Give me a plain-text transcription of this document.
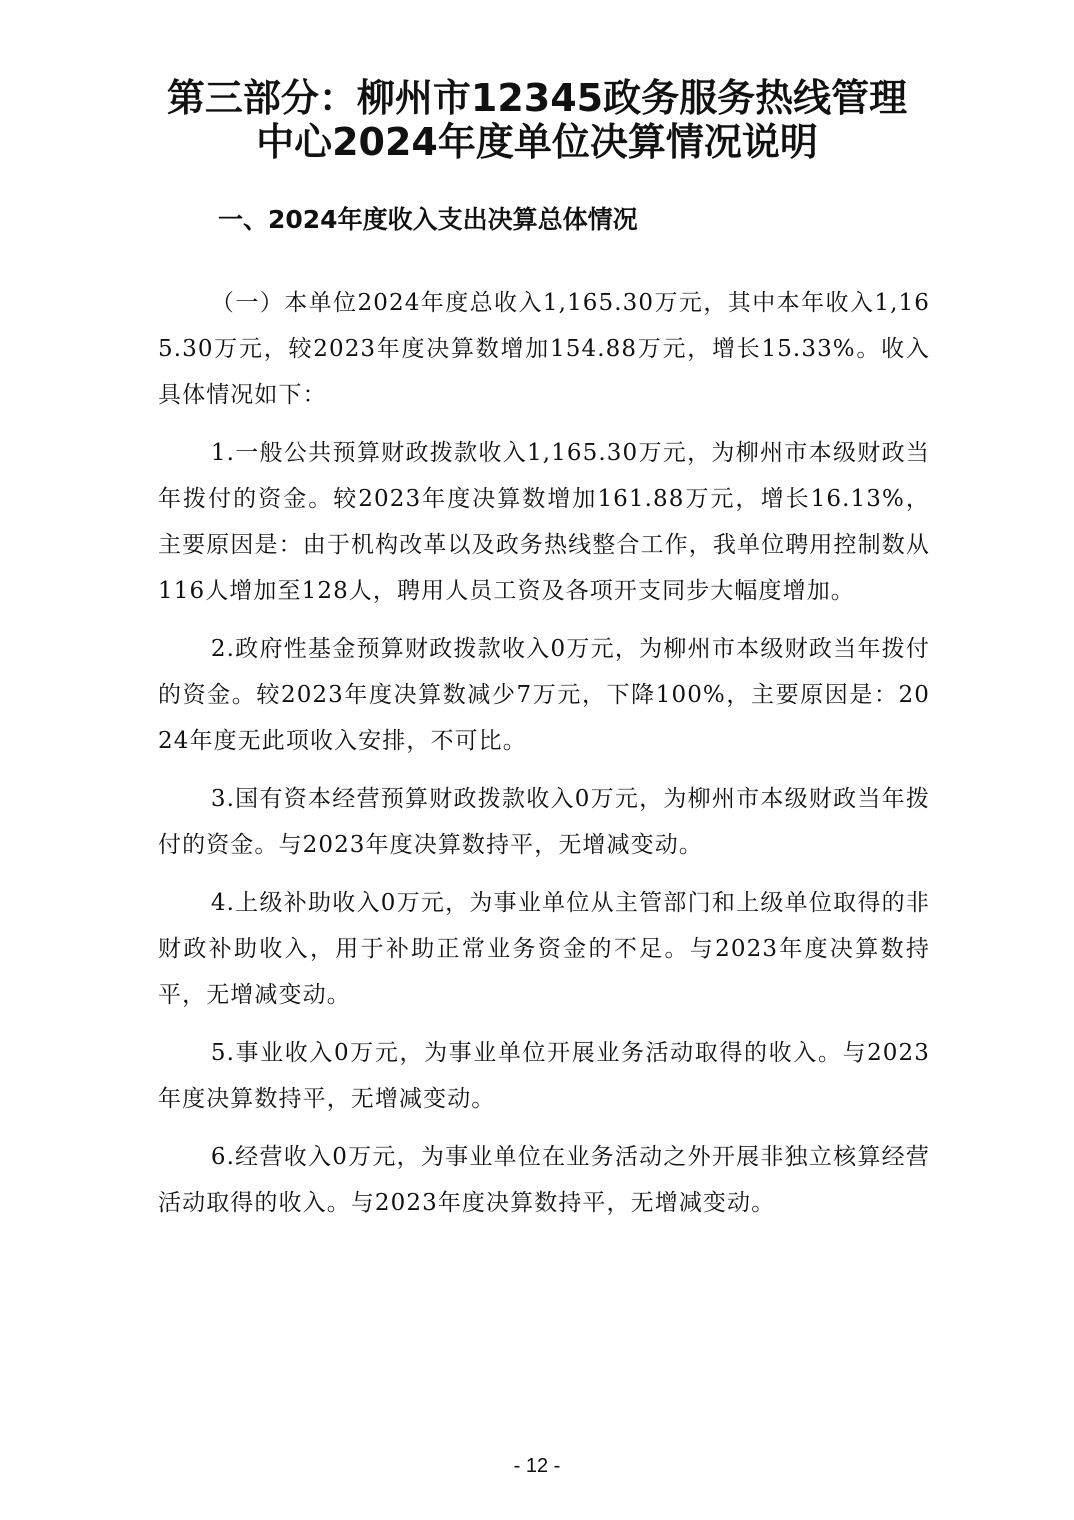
第三部分：柳州市12345政务服务热线管理
中心2024年度单位决算情况说明
一、2024年度收入支出决算总体情况

（一）本单位2024年度总收入1,165.30万元，其中本年收入1,165.30万元，较2023年度决算数增加154.88万元，增长15.33%。收入具体情况如下：

1.一般公共预算财政拨款收入1,165.30万元，为柳州市本级财政当年拨付的资金。较2023年度决算数增加161.88万元，增长16.13%，主要原因是：由于机构改革以及政务热线整合工作，我单位聘用控制数从116人增加至128人，聘用人员工资及各项开支同步大幅度增加。

2.政府性基金预算财政拨款收入0万元，为柳州市本级财政当年拨付的资金。较2023年度决算数减少7万元，下降100%，主要原因是：2024年度无此项收入安排，不可比。

3.国有资本经营预算财政拨款收入0万元，为柳州市本级财政当年拨付的资金。与2023年度决算数持平，无增减变动。

4.上级补助收入0万元，为事业单位从主管部门和上级单位取得的非财政补助收入，用于补助正常业务资金的不足。与2023年度决算数持平，无增减变动。

5.事业收入0万元，为事业单位开展业务活动取得的收入。与2023年度决算数持平，无增减变动。

6.经营收入0万元，为事业单位在业务活动之外开展非独立核算经营活动取得的收入。与2023年度决算数持平，无增减变动。

- 12 -
